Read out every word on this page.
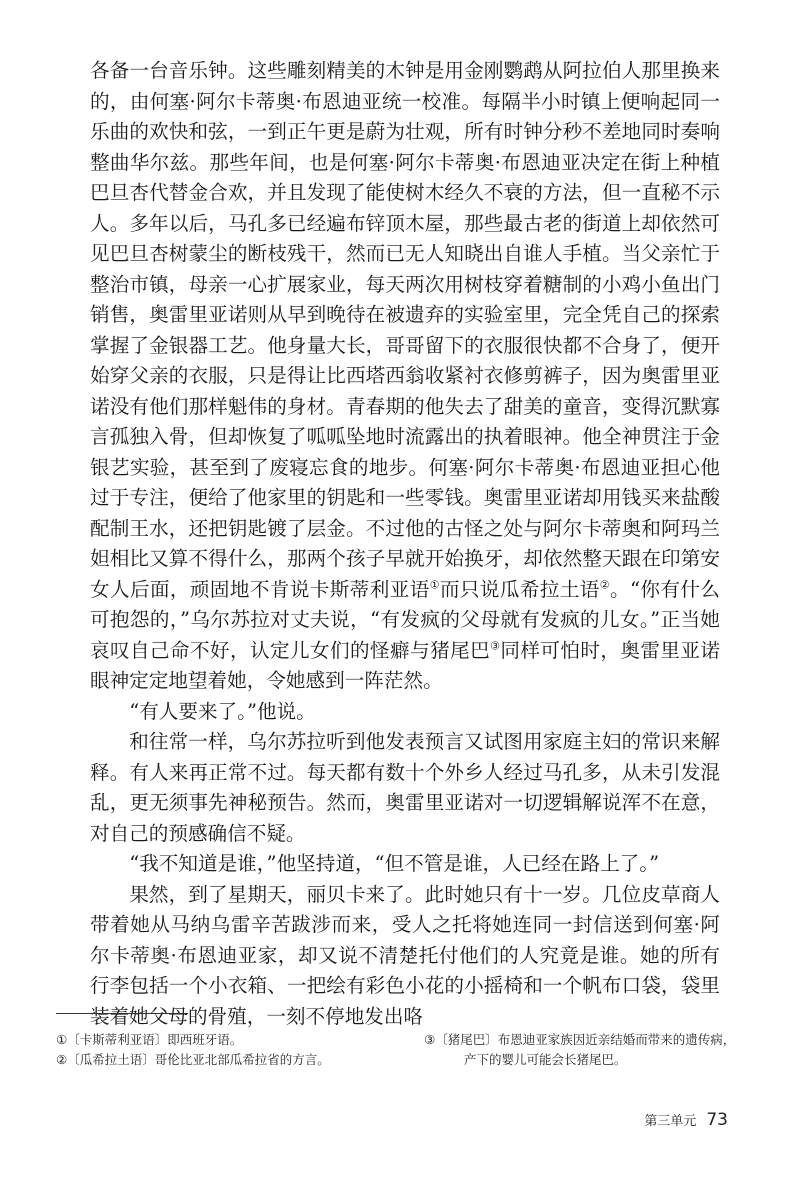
各备一台音乐钟。这些雕刻精美的木钟是用金刚鹦鹉从阿拉伯人那里换来的，由何塞·阿尔卡蒂奥·布恩迪亚统一校准。每隔半小时镇上便响起同一乐曲的欢快和弦，一到正午更是蔚为壮观，所有时钟分秒不差地同时奏响整曲华尔兹。那些年间，也是何塞·阿尔卡蒂奥·布恩迪亚决定在街上种植巴旦杏代替金合欢，并且发现了能使树木经久不衰的方法，但一直秘不示人。多年以后，马孔多已经遍布锌顶木屋，那些最古老的街道上却依然可见巴旦杏树蒙尘的断枝残干，然而已无人知晓出自谁人手植。当父亲忙于整治市镇，母亲一心扩展家业，每天两次用树枝穿着糖制的小鸡小鱼出门销售，奥雷里亚诺则从早到晚待在被遗弃的实验室里，完全凭自己的探索掌握了金银器工艺。他身量大长，哥哥留下的衣服很快都不合身了，便开始穿父亲的衣服，只是得让比西塔西翁收紧衬衣修剪裤子，因为奥雷里亚诺没有他们那样魁伟的身材。青春期的他失去了甜美的童音，变得沉默寡言孤独入骨，但却恢复了呱呱坠地时流露出的执着眼神。他全神贯注于金银艺实验，甚至到了废寝忘食的地步。何塞·阿尔卡蒂奥·布恩迪亚担心他过于专注，便给了他家里的钥匙和一些零钱。奥雷里亚诺却用钱买来盐酸配制王水，还把钥匙镀了层金。不过他的古怪之处与阿尔卡蒂奥和阿玛兰妲相比又算不得什么，那两个孩子早就开始换牙，却依然整天跟在印第安女人后面，顽固地不肯说卡斯蒂利亚语①而只说瓜希拉土语②。“你有什么可抱怨的，”乌尔苏拉对丈夫说，“有发疯的父母就有发疯的儿女。”正当她哀叹自己命不好，认定儿女们的怪癖与猪尾巴③同样可怕时，奥雷里亚诺眼神定定地望着她，令她感到一阵茫然。

“有人要来了。”他说。

和往常一样，乌尔苏拉听到他发表预言又试图用家庭主妇的常识来解释。有人来再正常不过。每天都有数十个外乡人经过马孔多，从未引发混乱，更无须事先神秘预告。然而，奥雷里亚诺对一切逻辑解说浑不在意，对自己的预感确信不疑。

“我不知道是谁，”他坚持道，“但不管是谁，人已经在路上了。”

果然，到了星期天，丽贝卡来了。此时她只有十一岁。几位皮草商人带着她从马纳乌雷辛苦跋涉而来，受人之托将她连同一封信送到何塞·阿尔卡蒂奥·布恩迪亚家，却又说不清楚托付他们的人究竟是谁。她的所有行李包括一个小衣箱、一把绘有彩色小花的小摇椅和一个帆布口袋，袋里装着她父母的骨殖，一刻不停地发出咯

①〔卡斯蒂利亚语〕即西班牙语。
②〔瓜希拉土语〕哥伦比亚北部瓜希拉省的方言。
③〔猪尾巴〕布恩迪亚家族因近亲结婚而带来的遗传病，产下的婴儿可能会长猪尾巴。
第三单元 73
